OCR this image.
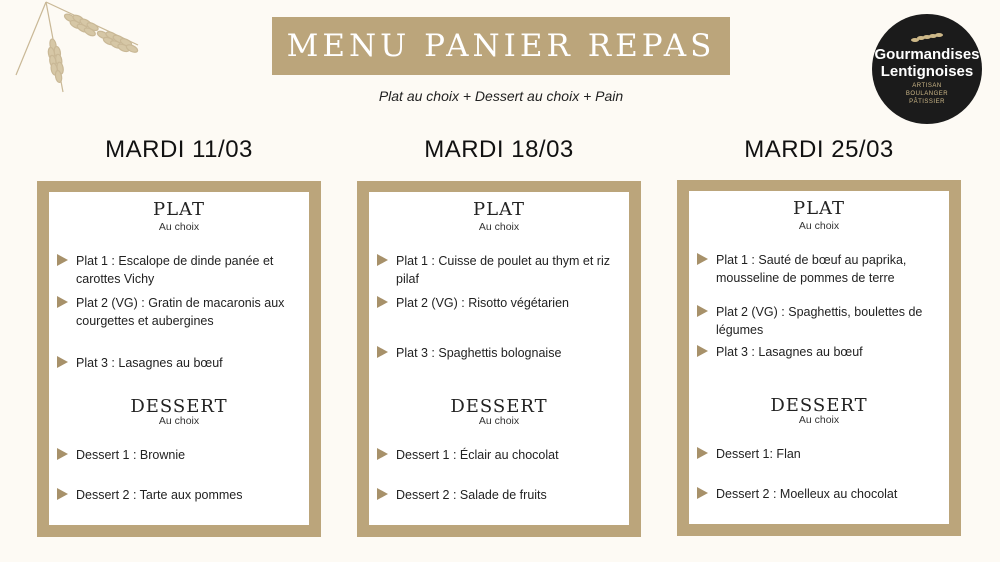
MENU PANIER REPAS
Plat au choix + Dessert au choix + Pain
Gourmandises
Lentignoises
ARTISAN
BOULANGER
PÂTISSIER
MARDI 11/03
PLAT
Au choix
Plat 1 : Escalope de dinde panée et carottes Vichy
Plat 2 (VG) : Gratin de macaronis aux courgettes et aubergines
Plat 3 : Lasagnes au bœuf
DESSERT
Au choix
Dessert 1 : Brownie
Dessert 2 : Tarte aux pommes
MARDI 18/03
PLAT
Au choix
Plat 1 : Cuisse de poulet au thym et riz pilaf
Plat 2 (VG) : Risotto végétarien
Plat 3 : Spaghettis bolognaise
DESSERT
Au choix
Dessert 1 : Éclair au chocolat
Dessert 2 : Salade de fruits
MARDI 25/03
PLAT
Au choix
Plat 1 : Sauté de bœuf au paprika, mousseline de pommes de terre
Plat 2 (VG) : Spaghettis, boulettes de légumes
Plat 3 : Lasagnes au bœuf
DESSERT
Au choix
Dessert 1: Flan
Dessert 2 : Moelleux au chocolat
